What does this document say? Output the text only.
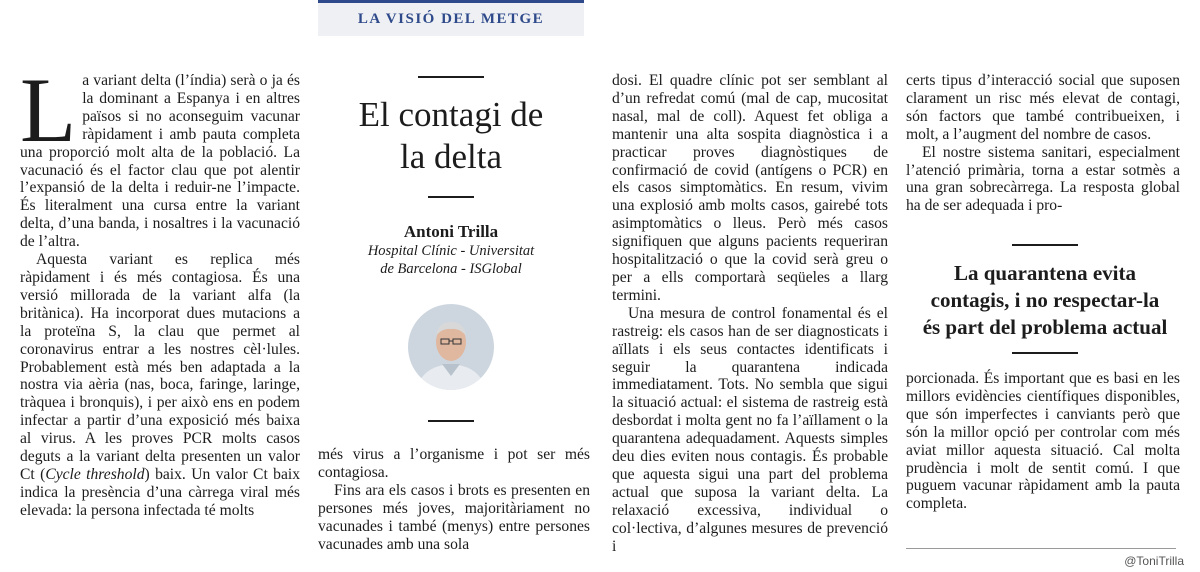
LA VISIÓ DEL METGE

La variant delta (l’índia) serà o ja és la dominant a Espanya i en altres països si no aconseguim vacunar ràpidament i amb pauta completa una proporció molt alta de la població. La vacunació és el factor clau que pot alentir l’expansió de la delta i reduir-ne l’impacte. És literalment una cursa entre la variant delta, d’una banda, i nosaltres i la vacunació de l’altra.

Aquesta variant es replica més ràpidament i és més contagiosa. És una versió millorada de la variant alfa (la britànica). Ha incorporat dues mutacions a la proteïna S, la clau que permet al coronavirus entrar a les nostres cèl·lules. Probablement està més ben adaptada a la nostra via aèria (nas, boca, faringe, laringe, tràquea i bronquis), i per això ens en podem infectar a partir d’una exposició més baixa al virus. A les proves PCR molts casos deguts a la variant delta presenten un valor Ct (Cycle threshold) baix. Un valor Ct baix indica la presència d’una càrrega viral més elevada: la persona infectada té molts

El contagi de
la delta
Antoni Trilla
Hospital Clínic - Universitat
de Barcelona - ISGlobal

més virus a l’organisme i pot ser més contagiosa.

Fins ara els casos i brots es presenten en persones més joves, majoritàriament no vacunades i també (menys) entre persones vacunades amb una sola

dosi. El quadre clínic pot ser semblant al d’un refredat comú (mal de cap, mucositat nasal, mal de coll). Aquest fet obliga a mantenir una alta sospita diagnòstica i a practicar proves diagnòstiques de confirmació de covid (antígens o PCR) en els casos simptomàtics. En resum, vivim una explosió amb molts casos, gairebé tots asimptomàtics o lleus. Però més casos signifiquen que alguns pacients requeriran hospitalització o que la covid serà greu o per a ells comportarà seqüeles a llarg termini.

Una mesura de control fonamental és el rastreig: els casos han de ser diagnosticats i aïllats i els seus contactes identificats i seguir la quarantena indicada immediatament. Tots. No sembla que sigui la situació actual: el sistema de rastreig està desbordat i molta gent no fa l’aïllament o la quarantena adequadament. Aquests simples deu dies eviten nous contagis. És probable que aquesta sigui una part del problema actual que suposa la variant delta. La relaxació excessiva, individual o col·lectiva, d’algunes mesures de prevenció i

certs tipus d’interacció social que suposen clarament un risc més elevat de contagi, són factors que també contribueixen, i molt, a l’augment del nombre de casos.

El nostre sistema sanitari, especialment l’atenció primària, torna a estar sotmès a una gran sobrecàrrega. La resposta global ha de ser adequada i pro-

La quarantena evita
contagis, i no respectar-la
és part del problema actual

porcionada. És important que es basi en les millors evidències científiques disponibles, que són imperfectes i canviants però que són la millor opció per controlar com més aviat millor aquesta situació. Cal molta prudència i molt de sentit comú. I que puguem vacunar ràpidament amb la pauta completa.

@ToniTrilla
